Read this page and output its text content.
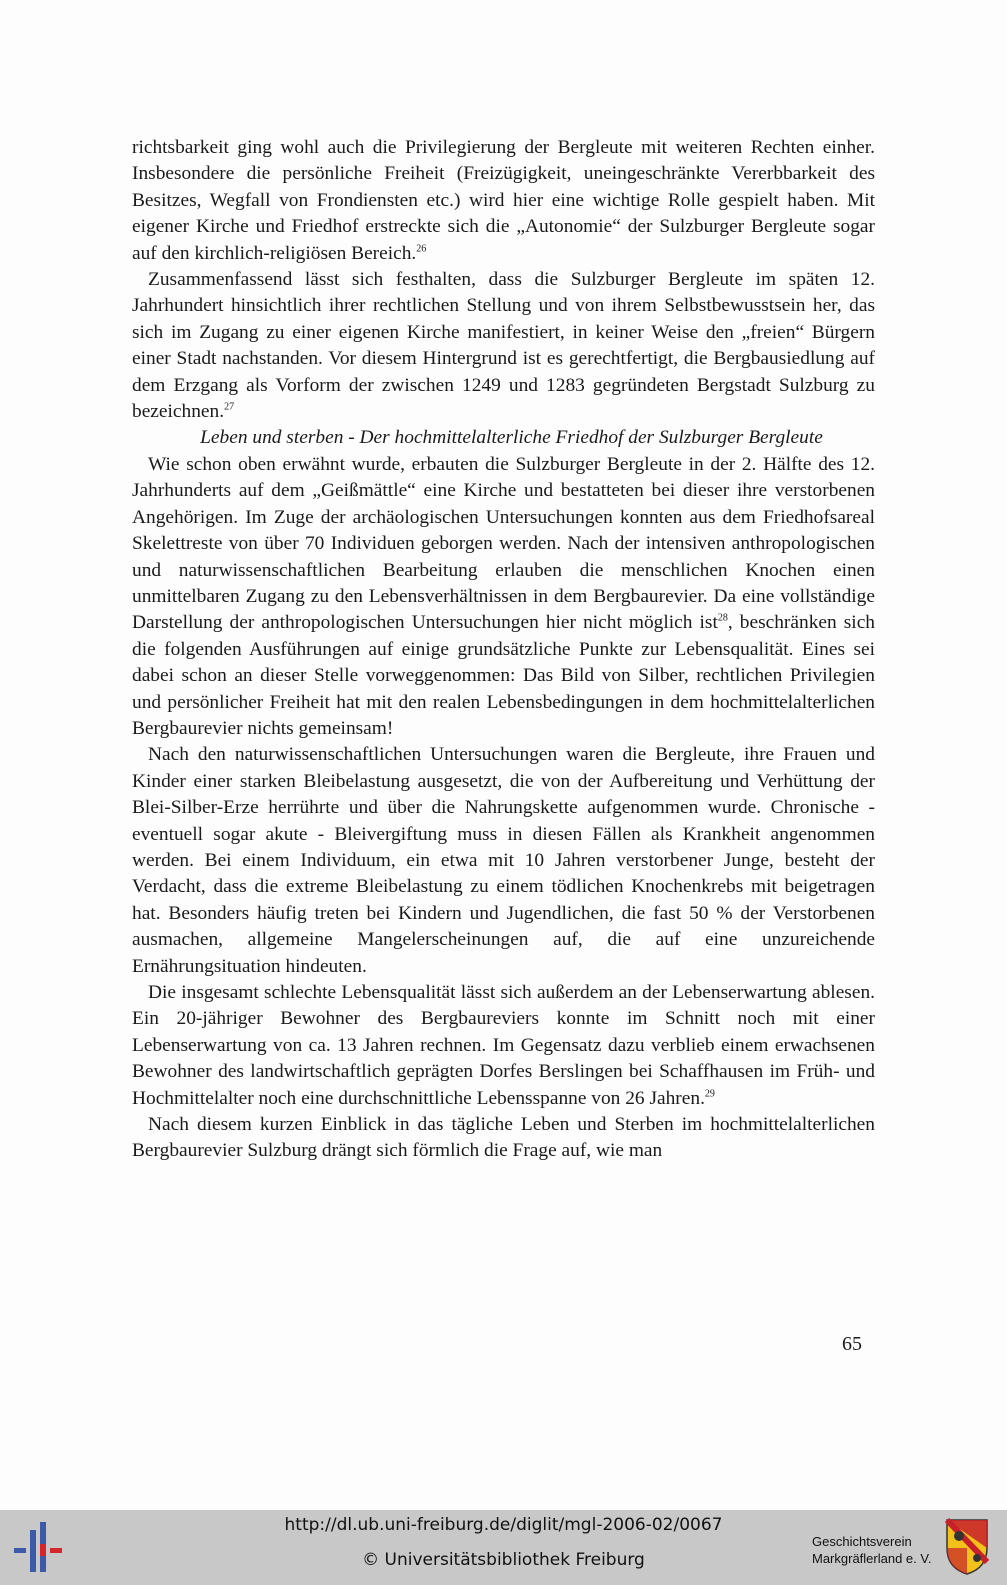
richtsbarkeit ging wohl auch die Privilegierung der Bergleute mit weiteren Rechten einher. Insbesondere die persönliche Freiheit (Freizügigkeit, uneingeschränkte Vererbbarkeit des Besitzes, Wegfall von Frondiensten etc.) wird hier eine wichtige Rolle gespielt haben. Mit eigener Kirche und Friedhof erstreckte sich die „Autonomie“ der Sulzburger Bergleute sogar auf den kirchlich-religiösen Bereich.$^{26}$

Zusammenfassend lässt sich festhalten, dass die Sulzburger Bergleute im späten 12. Jahrhundert hinsichtlich ihrer rechtlichen Stellung und von ihrem Selbstbewusstsein her, das sich im Zugang zu einer eigenen Kirche manifestiert, in keiner Weise den „freien“ Bürgern einer Stadt nachstanden. Vor diesem Hintergrund ist es gerechtfertigt, die Bergbausiedlung auf dem Erzgang als Vorform der zwischen 1249 und 1283 gegründeten Bergstadt Sulzburg zu bezeichnen.$^{27}$

Leben und sterben - Der hochmittelalterliche Friedhof der Sulzburger Bergleute

Wie schon oben erwähnt wurde, erbauten die Sulzburger Bergleute in der 2. Hälfte des 12. Jahrhunderts auf dem „Geißmättle“ eine Kirche und bestatteten bei dieser ihre verstorbenen Angehörigen. Im Zuge der archäologischen Untersuchungen konnten aus dem Friedhofsareal Skelettreste von über 70 Individuen geborgen werden. Nach der intensiven anthropologischen und naturwissenschaftlichen Bearbeitung erlauben die menschlichen Knochen einen unmittelbaren Zugang zu den Lebensverhältnissen in dem Bergbaurevier. Da eine vollständige Darstellung der anthropologischen Untersuchungen hier nicht möglich ist$^{28}$, beschränken sich die folgenden Ausführungen auf einige grundsätzliche Punkte zur Lebensqualität. Eines sei dabei schon an dieser Stelle vorweggenommen: Das Bild von Silber, rechtlichen Privilegien und persönlicher Freiheit hat mit den realen Lebensbedingungen in dem hochmittelalterlichen Bergbaurevier nichts gemeinsam!

Nach den naturwissenschaftlichen Untersuchungen waren die Bergleute, ihre Frauen und Kinder einer starken Bleibelastung ausgesetzt, die von der Aufbereitung und Verhüttung der Blei-Silber-Erze herrührte und über die Nahrungskette aufgenommen wurde. Chronische - eventuell sogar akute - Bleivergiftung muss in diesen Fällen als Krankheit angenommen werden. Bei einem Individuum, ein etwa mit 10 Jahren verstorbener Junge, besteht der Verdacht, dass die extreme Bleibelastung zu einem tödlichen Knochenkrebs mit beigetragen hat. Besonders häufig treten bei Kindern und Jugendlichen, die fast 50 % der Verstorbenen ausmachen, allgemeine Mangelerscheinungen auf, die auf eine unzureichende Ernährungsituation hindeuten.

Die insgesamt schlechte Lebensqualität lässt sich außerdem an der Lebenserwartung ablesen. Ein 20-jähriger Bewohner des Bergbaureviers konnte im Schnitt noch mit einer Lebenserwartung von ca. 13 Jahren rechnen. Im Gegensatz dazu verblieb einem erwachsenen Bewohner des landwirtschaftlich geprägten Dorfes Berslingen bei Schaffhausen im Früh- und Hochmittelalter noch eine durchschnittliche Lebensspanne von 26 Jahren.$^{29}$

Nach diesem kurzen Einblick in das tägliche Leben und Sterben im hochmittelalterlichen Bergbaurevier Sulzburg drängt sich förmlich die Frage auf, wie man

65
http://dl.ub.uni-freiburg.de/diglit/mgl-2006-02/0067
© Universitätsbibliothek Freiburg
Geschichtsverein
Markgräflerland e. V.
